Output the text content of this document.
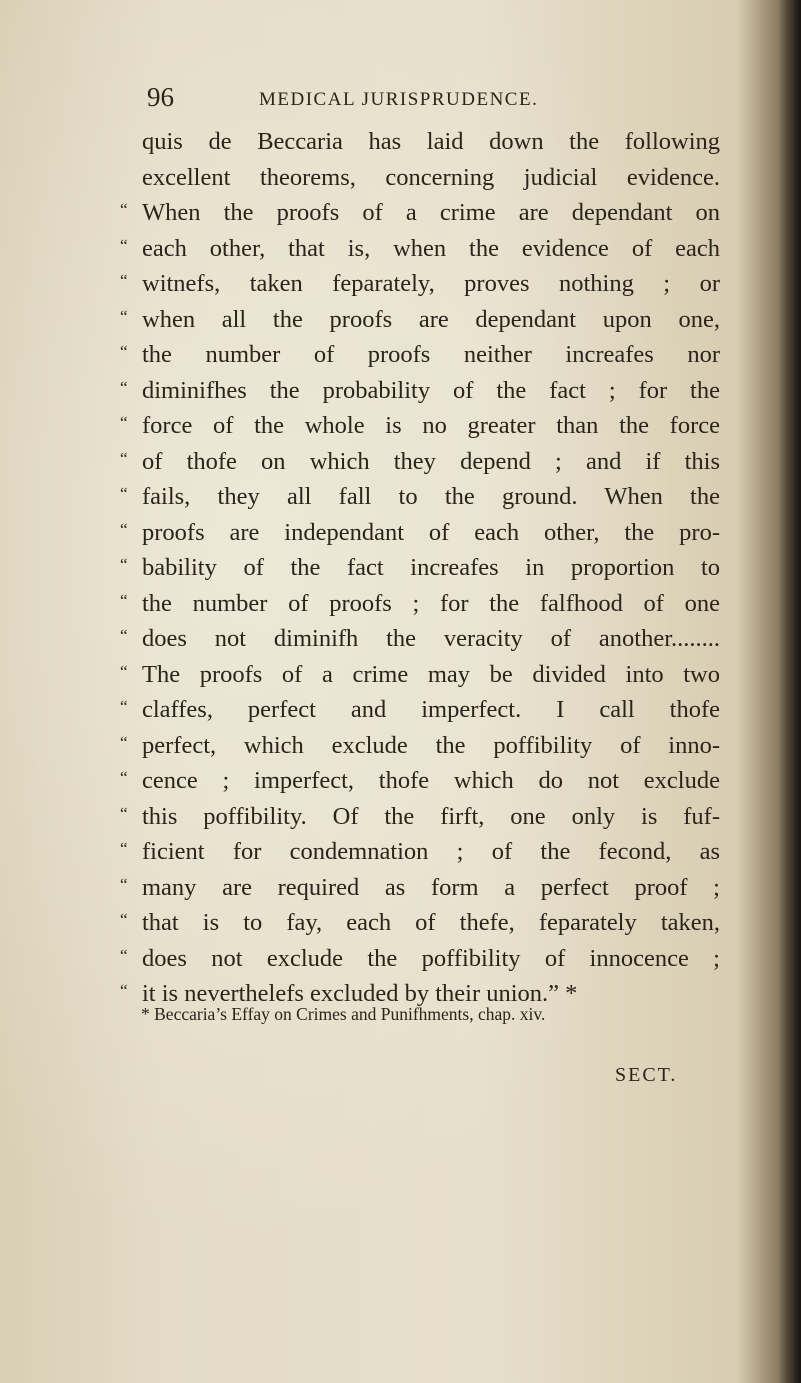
96	MEDICAL JURISPRUDENCE.
quis de Beccaria has laid down the following
excellent theorems, concerning judicial evidence.
“ When the proofs of a crime are dependant on
“ each other, that is, when the evidence of each
“ witnefs, taken feparately, proves nothing ; or
“ when all the proofs are dependant upon one,
“ the number of proofs neither increafes nor
“ diminifhes the probability of the fact ; for the
“ force of the whole is no greater than the force
“ of thofe on which they depend ; and if this
“ fails, they all fall to the ground. When the
“ proofs are independant of each other, the pro-
“ bability of the fact increafes in proportion to
“ the number of proofs ; for the falfhood of one
“ does not diminifh the veracity of another........
“ The proofs of a crime may be divided into two
“ claffes, perfect and imperfect. I call thofe
“ perfect, which exclude the poffibility of inno-
“ cence ; imperfect, thofe which do not exclude
“ this poffibility. Of the firft, one only is fuf-
“ ficient for condemnation ; of the fecond, as
“ many are required as form a perfect proof ;
“ that is to fay, each of thefe, feparately taken,
“ does not exclude the poffibility of innocence ;
“ it is neverthelefs excluded by their union.” *
* Beccaria’s Effay on Crimes and Punifhments, chap. xiv.
SECT.
